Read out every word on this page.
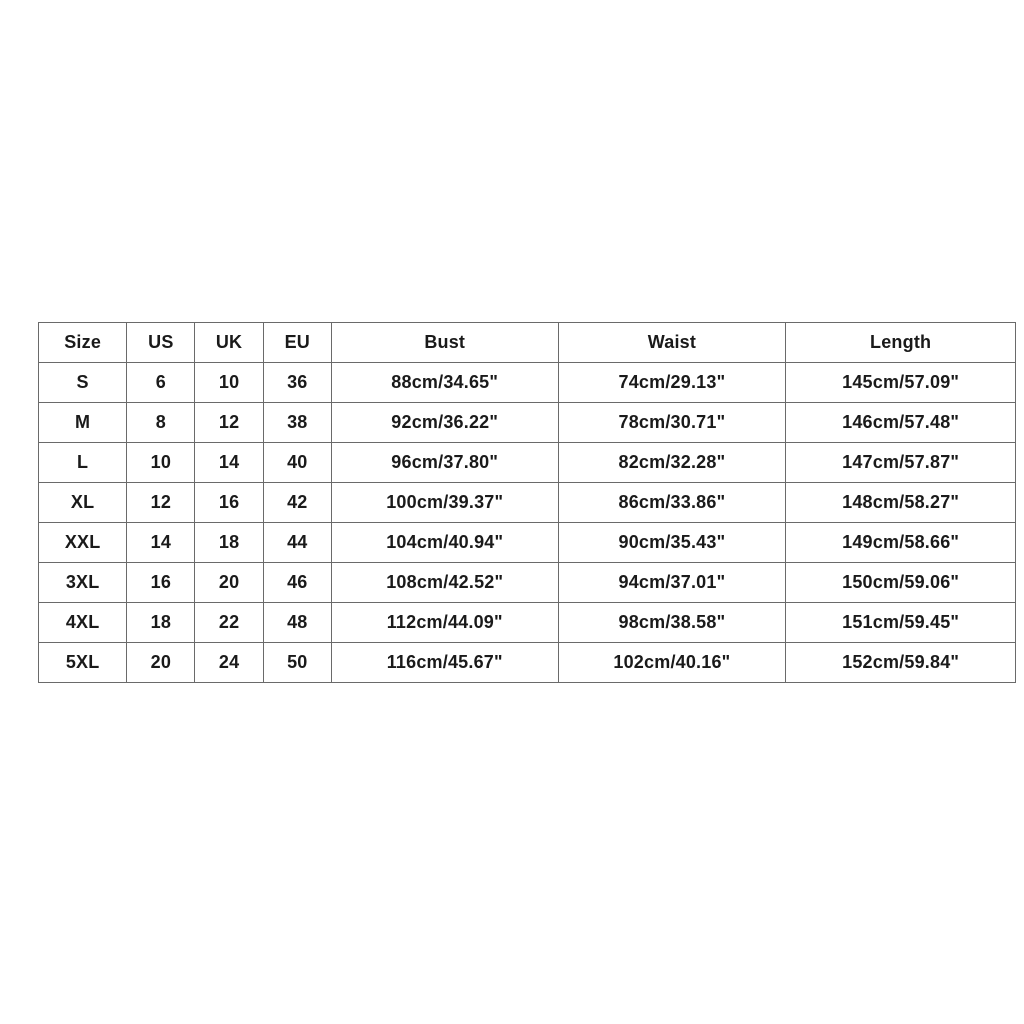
Size	US	UK	EU	Bust	Waist	Length
S	6	10	36	88cm/34.65"	74cm/29.13"	145cm/57.09"
M	8	12	38	92cm/36.22"	78cm/30.71"	146cm/57.48"
L	10	14	40	96cm/37.80"	82cm/32.28"	147cm/57.87"
XL	12	16	42	100cm/39.37"	86cm/33.86"	148cm/58.27"
XXL	14	18	44	104cm/40.94"	90cm/35.43"	149cm/58.66"
3XL	16	20	46	108cm/42.52"	94cm/37.01"	150cm/59.06"
4XL	18	22	48	112cm/44.09"	98cm/38.58"	151cm/59.45"
5XL	20	24	50	116cm/45.67"	102cm/40.16"	152cm/59.84"
